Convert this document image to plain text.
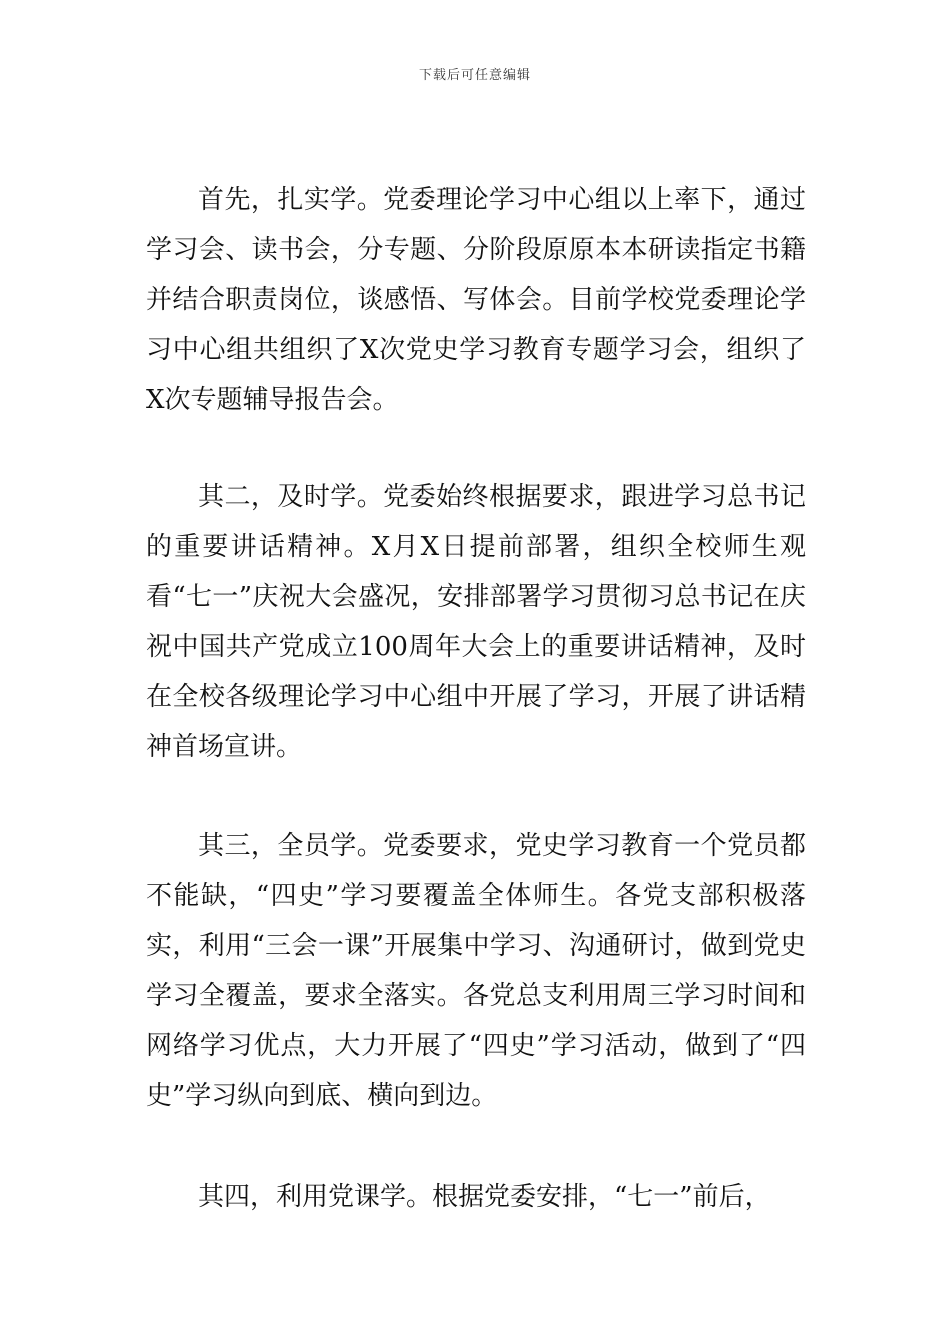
下载后可任意编辑

首先，扎实学。党委理论学习中心组以上率下，通过学习会、读书会，分专题、分阶段原原本本研读指定书籍并结合职责岗位，谈感悟、写体会。目前学校党委理论学习中心组共组织了X次党史学习教育专题学习会，组织了X次专题辅导报告会。

其二，及时学。党委始终根据要求，跟进学习总书记的重要讲话精神。X月X日提前部署，组织全校师生观看“七一”庆祝大会盛况，安排部署学习贯彻习总书记在庆祝中国共产党成立100周年大会上的重要讲话精神，及时在全校各级理论学习中心组中开展了学习，开展了讲话精神首场宣讲。

其三，全员学。党委要求，党史学习教育一个党员都不能缺，“四史”学习要覆盖全体师生。各党支部积极落实，利用“三会一课”开展集中学习、沟通研讨，做到党史学习全覆盖，要求全落实。各党总支利用周三学习时间和网络学习优点，大力开展了“四史”学习活动，做到了“四史”学习纵向到底、横向到边。

其四，利用党课学。根据党委安排，“七一”前后，
